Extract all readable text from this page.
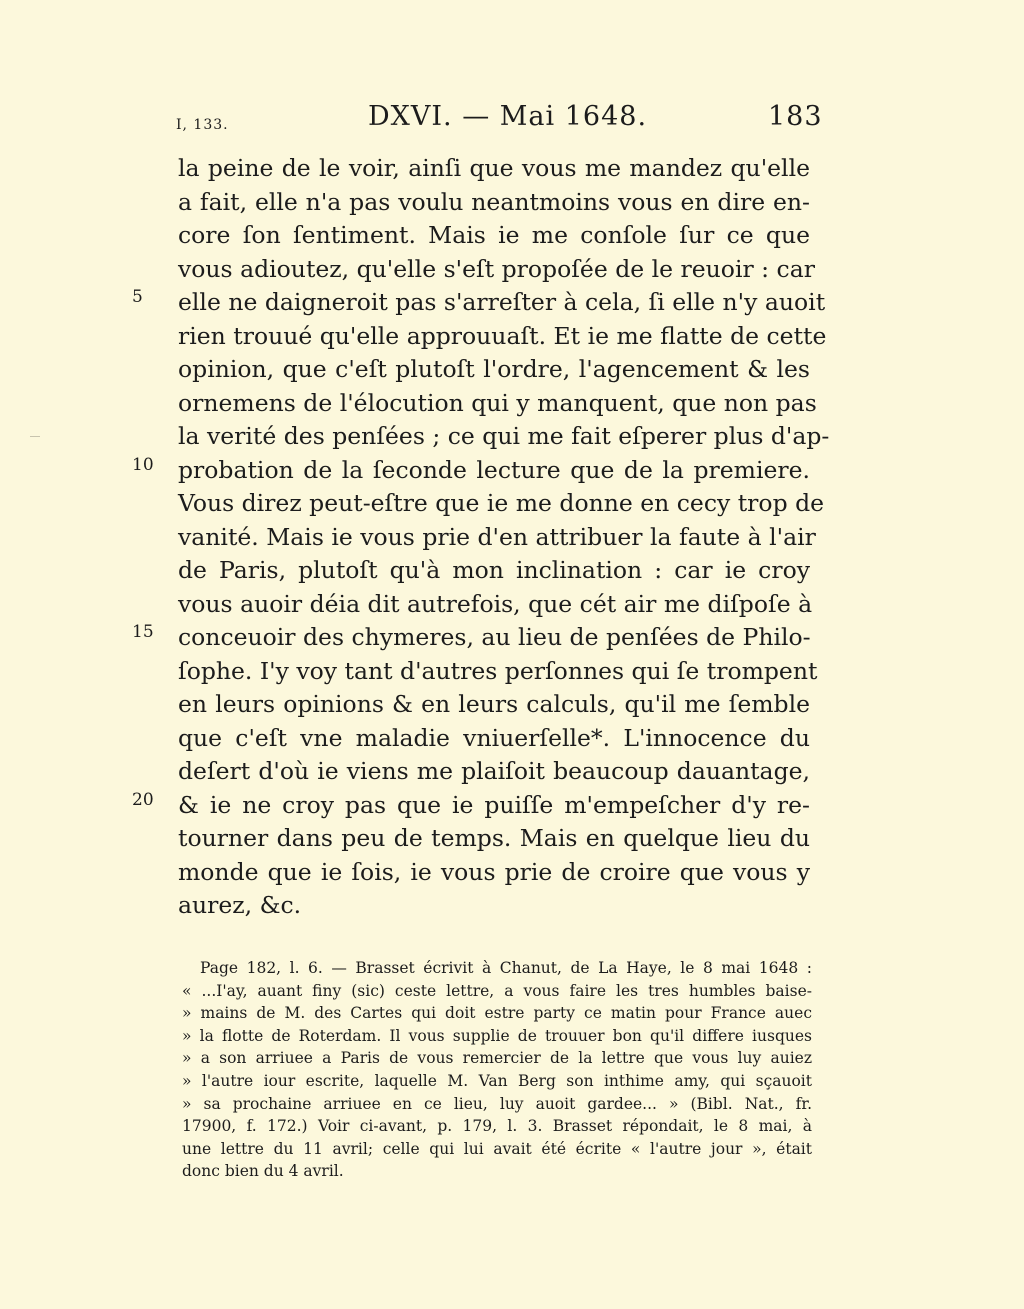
I, 133.	DXVI. — Mai 1648.	183
la peine de le voir, ainſi que vous me mandez qu'elle
a fait, elle n'a pas voulu neantmoins vous en dire en-
core ſon ſentiment. Mais ie me conſole ſur ce que
vous adioutez, qu'elle s'eſt propoſée de le reuoir : car
elle ne daigneroit pas s'arreſter à cela, ſi elle n'y auoit
rien trouué qu'elle approuuaſt. Et ie me flatte de cette
opinion, que c'eſt plutoſt l'ordre, l'agencement & les
ornemens de l'élocution qui y manquent, que non pas
la verité des penſées ; ce qui me fait eſperer plus d'ap-
probation de la ſeconde lecture que de la premiere.
Vous direz peut-eſtre que ie me donne en cecy trop de
vanité. Mais ie vous prie d'en attribuer la faute à l'air
de Paris, plutoſt qu'à mon inclination : car ie croy
vous auoir déia dit autrefois, que cét air me diſpoſe à
conceuoir des chymeres, au lieu de penſées de Philo-
ſophe. I'y voy tant d'autres perſonnes qui ſe trompent
en leurs opinions & en leurs calculs, qu'il me ſemble
que c'eſt vne maladie vniuerſelle*. L'innocence du
deſert d'où ie viens me plaiſoit beaucoup dauantage,
& ie ne croy pas que ie puiſſe m'empeſcher d'y re-
tourner dans peu de temps. Mais en quelque lieu du
monde que ie ſois, ie vous prie de croire que vous y
aurez, &c.
5
10
15
20
Page 182, l. 6. — Brasset écrivit à Chanut, de La Haye, le 8 mai 1648 :
« ...I'ay, auant finy (sic) ceste lettre, a vous faire les tres humbles baise-
» mains de M. des Cartes qui doit estre party ce matin pour France auec
» la flotte de Roterdam. Il vous supplie de trouuer bon qu'il differe iusques
» a son arriuee a Paris de vous remercier de la lettre que vous luy auiez
» l'autre iour escrite, laquelle M. Van Berg son inthime amy, qui sçauoit
» sa prochaine arriuee en ce lieu, luy auoit gardee... » (Bibl. Nat., fr.
17900, f. 172.) Voir ci-avant, p. 179, l. 3. Brasset répondait, le 8 mai, à
une lettre du 11 avril; celle qui lui avait été écrite « l'autre jour », était
donc bien du 4 avril.
